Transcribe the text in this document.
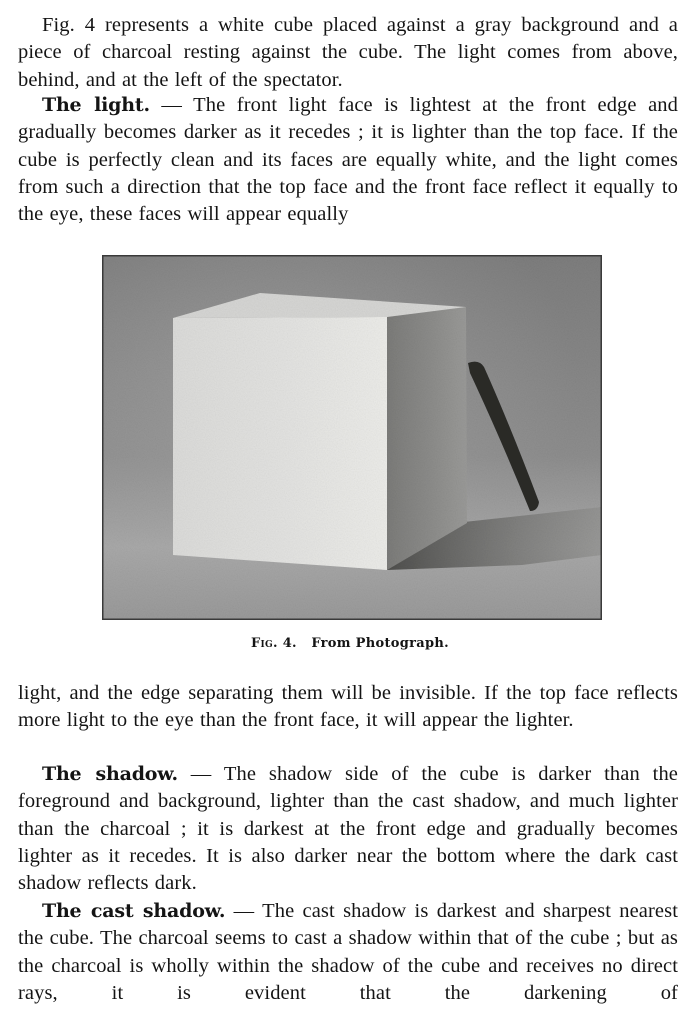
Fig. 4 represents a white cube placed against a gray background and a piece of charcoal resting against the cube. The light comes from above, behind, and at the left of the spectator.

The light. — The front light face is lightest at the front edge and gradually becomes darker as it recedes ; it is lighter than the top face. If the cube is perfectly clean and its faces are equally white, and the light comes from such a direction that the top face and the front face reflect it equally to the eye, these faces will appear equally

Fig. 4. From Photograph.

light, and the edge separating them will be invisible. If the top face reflects more light to the eye than the front face, it will appear the lighter.

The shadow. — The shadow side of the cube is darker than the foreground and background, lighter than the cast shadow, and much lighter than the charcoal ; it is darkest at the front edge and gradually becomes lighter as it recedes. It is also darker near the bottom where the dark cast shadow reflects dark.

The cast shadow. — The cast shadow is darkest and sharpest nearest the cube. The charcoal seems to cast a shadow within that of the cube ; but as the charcoal is wholly within the shadow of the cube and receives no direct rays, it is evident that the darkening of
